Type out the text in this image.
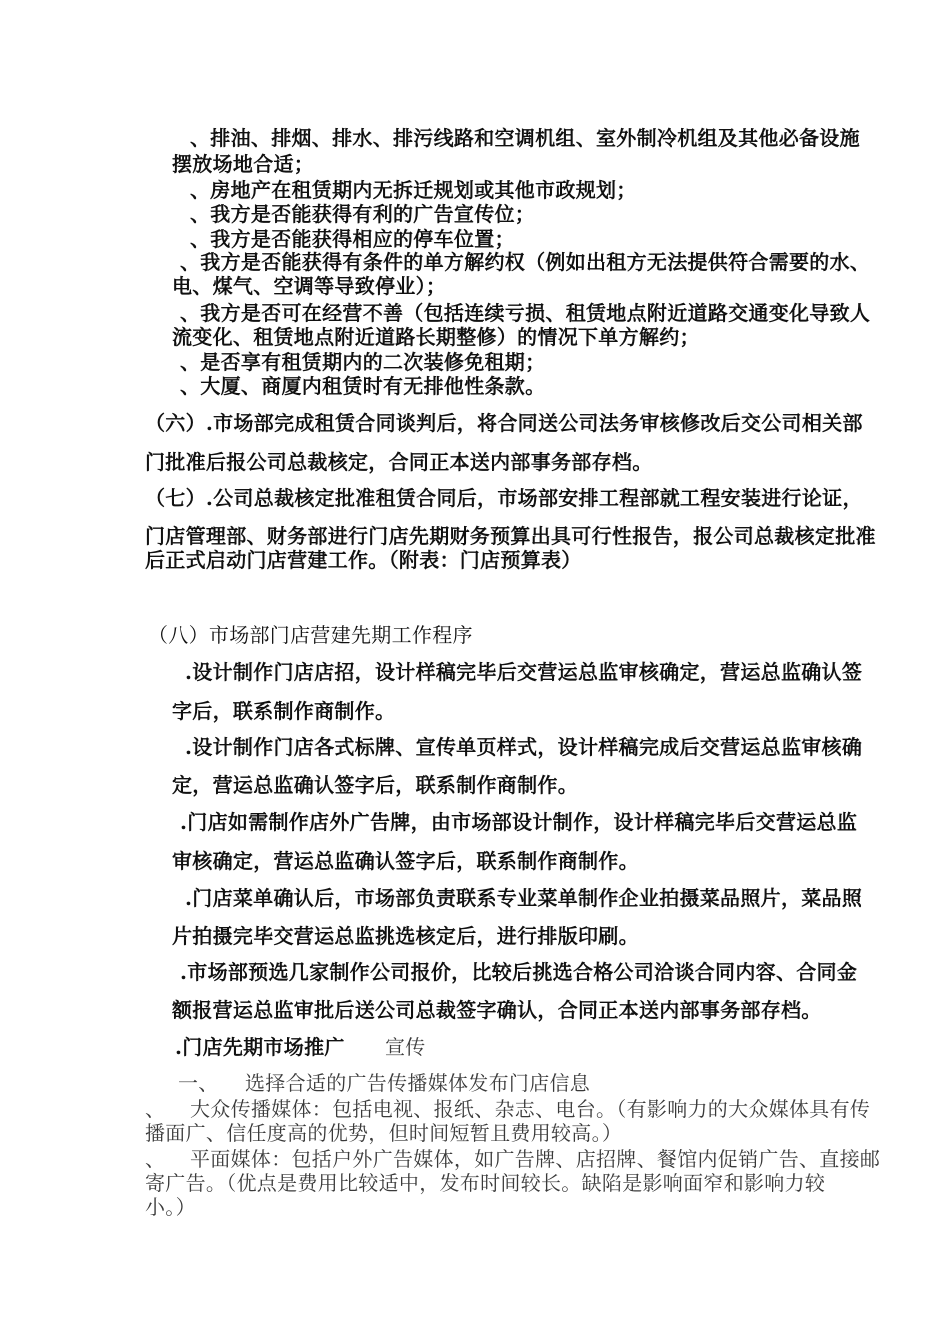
、排油、排烟、排水、排污线路和空调机组、室外制冷机组及其他必备设施
摆放场地合适；
、房地产在租赁期内无拆迁规划或其他市政规划；
、我方是否能获得有利的广告宣传位；
、我方是否能获得相应的停车位置；
、我方是否能获得有条件的单方解约权（例如出租方无法提供符合需要的水、
电、煤气、空调等导致停业）；
、我方是否可在经营不善（包括连续亏损、租赁地点附近道路交通变化导致人
流变化、租赁地点附近道路长期整修）的情况下单方解约；
、是否享有租赁期内的二次装修免租期；
、大厦、商厦内租赁时有无排他性条款。
（六）.市场部完成租赁合同谈判后，将合同送公司法务审核修改后交公司相关部
门批准后报公司总裁核定，合同正本送内部事务部存档。
（七）.公司总裁核定批准租赁合同后，市场部安排工程部就工程安装进行论证，
门店管理部、财务部进行门店先期财务预算出具可行性报告，报公司总裁核定批准
后正式启动门店营建工作。（附表：门店预算表）
（八）市场部门店营建先期工作程序
.设计制作门店店招，设计样稿完毕后交营运总监审核确定，营运总监确认签
字后，联系制作商制作。
.设计制作门店各式标牌、宣传单页样式，设计样稿完成后交营运总监审核确
定，营运总监确认签字后，联系制作商制作。
.门店如需制作店外广告牌，由市场部设计制作，设计样稿完毕后交营运总监
审核确定，营运总监确认签字后，联系制作商制作。
.门店菜单确认后，市场部负责联系专业菜单制作企业拍摄菜品照片，菜品照
片拍摄完毕交营运总监挑选核定后，进行排版印刷。
.市场部预选几家制作公司报价，比较后挑选合格公司洽谈合同内容、合同金
额报营运总监审批后送公司总裁签字确认，合同正本送内部事务部存档。
.门店先期市场推广 宣传
一、 选择合适的广告传播媒体发布门店信息
、 大众传播媒体：包括电视、报纸、杂志、电台。（有影响力的大众媒体具有传
播面广、信任度高的优势，但时间短暂且费用较高。）
、 平面媒体：包括户外广告媒体，如广告牌、店招牌、餐馆内促销广告、直接邮
寄广告。（优点是费用比较适中，发布时间较长。缺陷是影响面窄和影响力较
小。）
